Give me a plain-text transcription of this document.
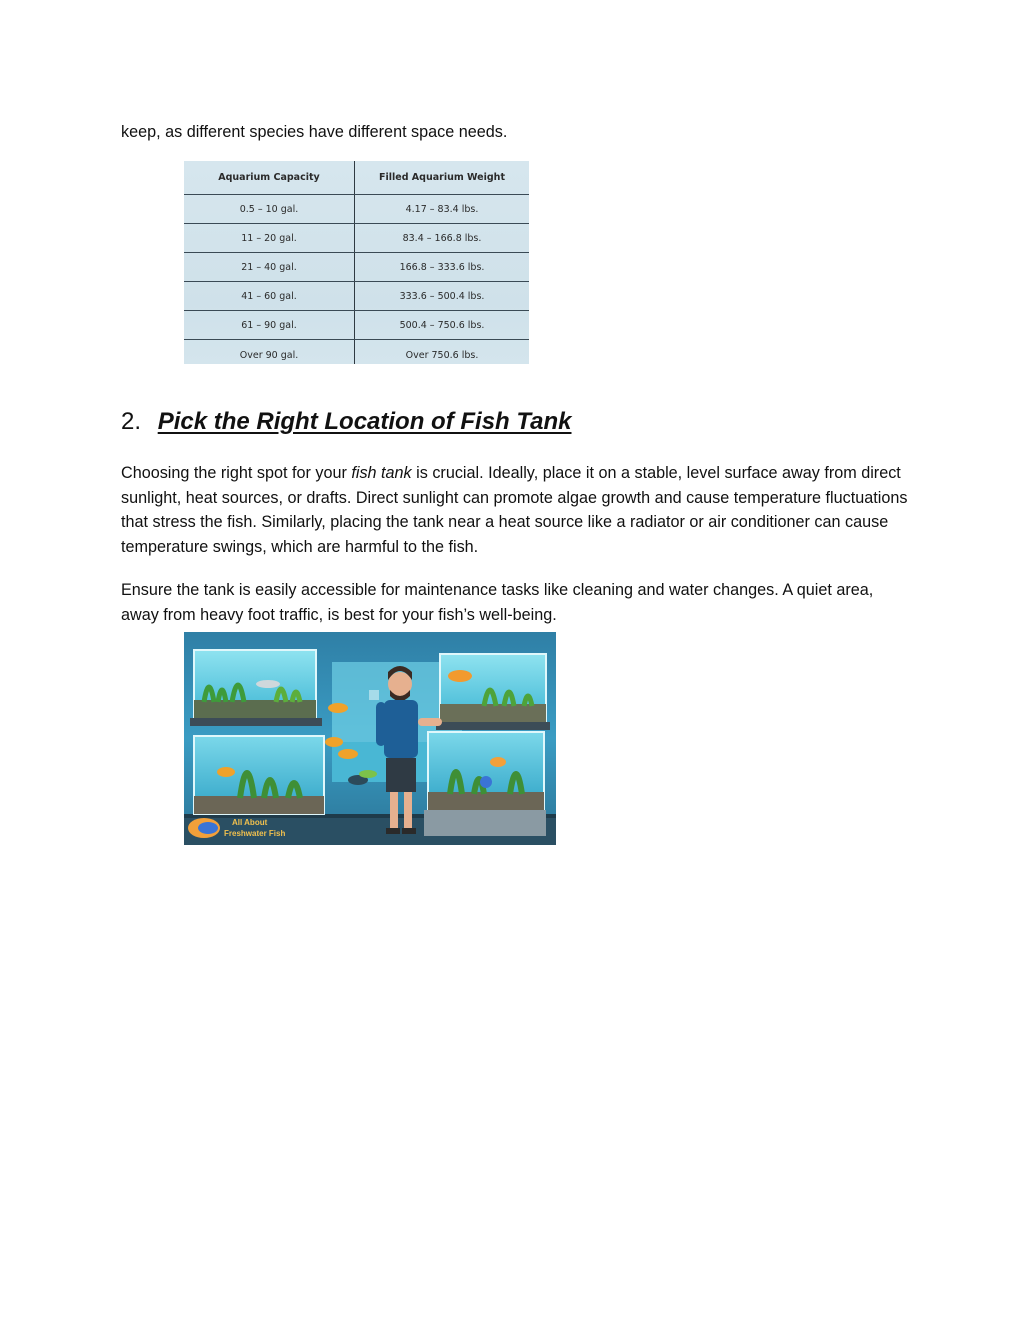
keep, as different species have different space needs.

Aquarium Capacity	Filled Aquarium Weight
0.5 – 10 gal.	4.17 – 83.4 lbs.
11 – 20 gal.	83.4 – 166.8 lbs.
21 – 40 gal.	166.8 – 333.6 lbs.
41 – 60 gal.	333.6 – 500.4 lbs.
61 – 90 gal.	500.4 – 750.6 lbs.
Over 90 gal.	Over 750.6 lbs.
2. Pick the Right Location of Fish Tank

Choosing the right spot for your fish tank is crucial. Ideally, place it on a stable, level surface away from direct sunlight, heat sources, or drafts. Direct sunlight can promote algae growth and cause temperature fluctuations that stress the fish. Similarly, placing the tank near a heat source like a radiator or air conditioner can cause temperature swings, which are harmful to the fish.

Ensure the tank is easily accessible for maintenance tasks like cleaning and water changes. A quiet area, away from heavy foot traffic, is best for your fish’s well-being.

All About
Freshwater Fish
